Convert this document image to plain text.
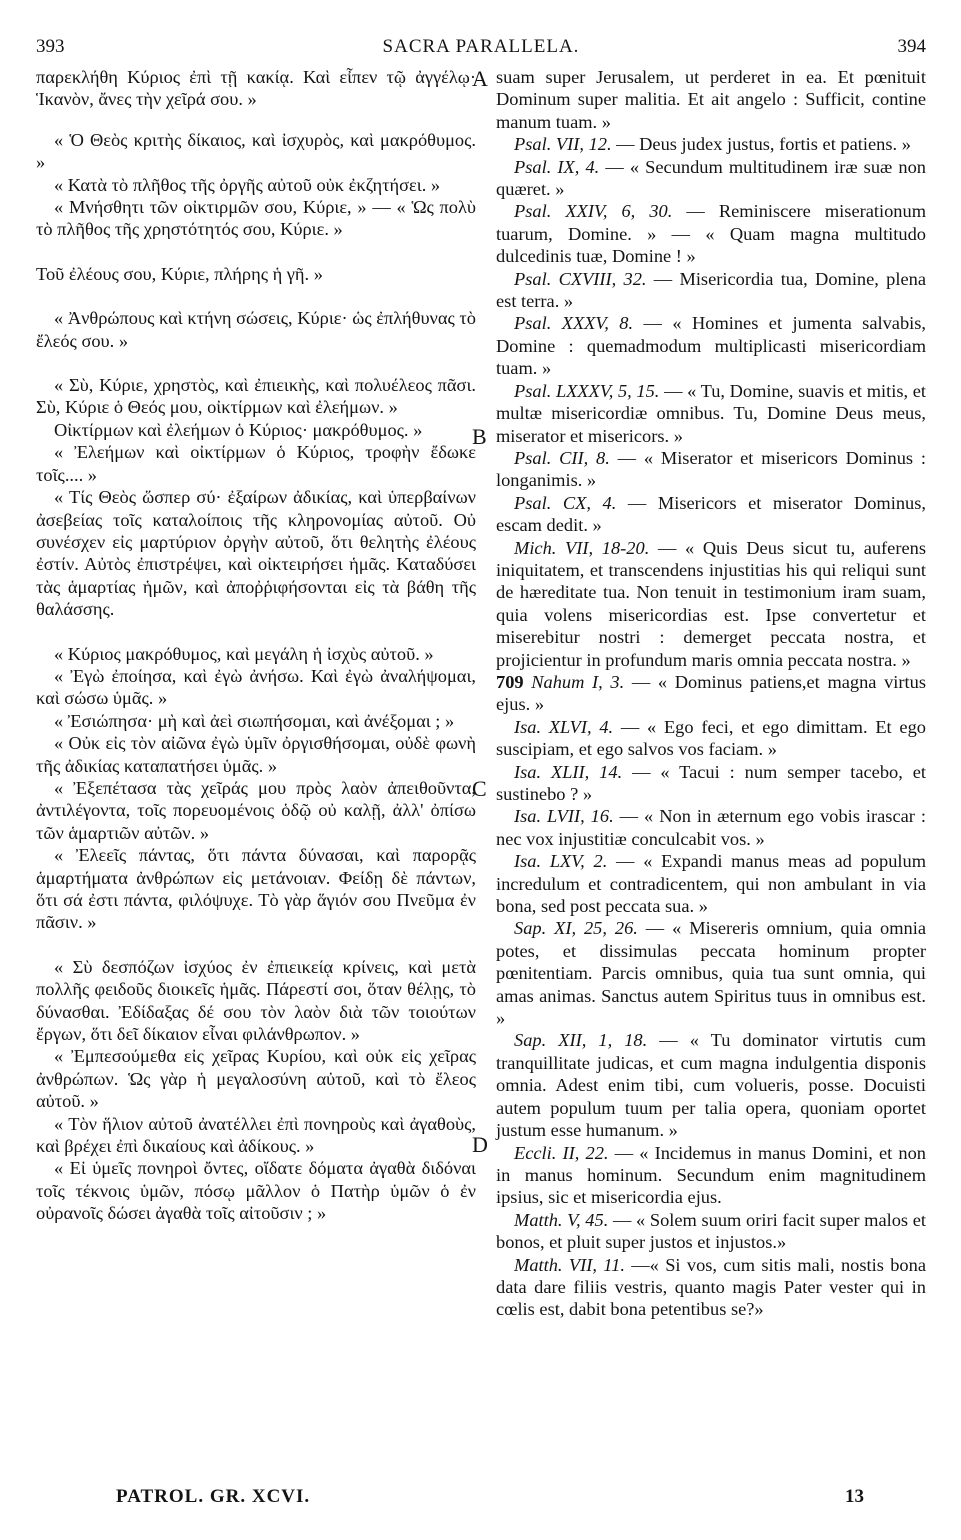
393	SACRA PARALLELA.	394

παρεκλήθη Κύριος ἐπὶ τῇ κακίᾳ. Καὶ εἶπεν τῷ ἀγγέλῳ· Ἱκανὸν, ἄνες τὴν χεῖρά σου. »

« Ὁ Θεὸς κριτὴς δίκαιος, καὶ ἰσχυρὸς, καὶ μακρόθυμος. »

« Κατὰ τὸ πλῆθος τῆς ὀργῆς αὐτοῦ οὐκ ἐκζητήσει. »

« Μνήσθητι τῶν οἰκτιρμῶν σου, Κύριε, » — « Ὡς πολὺ τὸ πλῆθος τῆς χρηστότητός σου, Κύριε. »

Τοῦ ἐλέους σου, Κύριε, πλήρης ἡ γῆ. »

« Ἀνθρώπους καὶ κτήνη σώσεις, Κύριε· ὡς ἐπλήθυνας τὸ ἔλεός σου. »

« Σὺ, Κύριε, χρηστὸς, καὶ ἐπιεικὴς, καὶ πολυέλεος πᾶσι. Σὺ, Κύριε ὁ Θεός μου, οἰκτίρμων καὶ ἐλεήμων. »

Οἰκτίρμων καὶ ἐλεήμων ὁ Κύριος· μακρόθυμος. »

« Ἐλεήμων καὶ οἰκτίρμων ὁ Κύριος, τροφὴν ἔδωκε τοῖς.... »

« Τίς Θεὸς ὥσπερ σύ· ἐξαίρων ἀδικίας, καὶ ὑπερβαίνων ἀσεβείας τοῖς καταλοίποις τῆς κληρονομίας αὐτοῦ. Οὐ συνέσχεν εἰς μαρτύριον ὀργὴν αὐτοῦ, ὅτι θελητὴς ἐλέους ἐστίν. Αὐτὸς ἐπιστρέψει, καὶ οἰκτειρήσει ἡμᾶς. Καταδύσει τὰς ἁμαρτίας ἡμῶν, καὶ ἀποῤῥιφήσονται εἰς τὰ βάθη τῆς θαλάσσης.

« Κύριος μακρόθυμος, καὶ μεγάλη ἡ ἰσχὺς αὐτοῦ. »

« Ἐγὼ ἐποίησα, καὶ ἐγὼ ἀνήσω. Καὶ ἐγὼ ἀναλήψομαι, καὶ σώσω ὑμᾶς. »

« Ἐσιώπησα· μὴ καὶ ἀεὶ σιωπήσομαι, καὶ ἀνέξομαι ; »

« Οὐκ εἰς τὸν αἰῶνα ἐγὼ ὑμῖν ὀργισθήσομαι, οὐδὲ φωνὴ τῆς ἀδικίας καταπατήσει ὑμᾶς. »

« Ἐξεπέτασα τὰς χεῖράς μου πρὸς λαὸν ἀπειθοῦντα, ἀντιλέγοντα, τοῖς πορευομένοις ὁδῷ οὐ καλῇ, ἀλλ' ὀπίσω τῶν ἁμαρτιῶν αὐτῶν. »

« Ἐλεεῖς πάντας, ὅτι πάντα δύνασαι, καὶ παρορᾷς ἁμαρτήματα ἀνθρώπων εἰς μετάνοιαν. Φείδῃ δὲ πάντων, ὅτι σά ἐστι πάντα, φιλόψυχε. Τὸ γὰρ ἅγιόν σου Πνεῦμα ἐν πᾶσιν. »

« Σὺ δεσπόζων ἰσχύος ἐν ἐπιεικείᾳ κρίνεις, καὶ μετὰ πολλῆς φειδοῦς διοικεῖς ἡμᾶς. Πάρεστί σοι, ὅταν θέλῃς, τὸ δύνασθαι. Ἐδίδαξας δέ σου τὸν λαὸν διὰ τῶν τοιούτων ἔργων, ὅτι δεῖ δίκαιον εἶναι φιλάνθρωπον. »

« Ἐμπεσούμεθα εἰς χεῖρας Κυρίου, καὶ οὐκ εἰς χεῖρας ἀνθρώπων. Ὡς γὰρ ἡ μεγαλοσύνη αὐτοῦ, καὶ τὸ ἔλεος αὐτοῦ. »

« Τὸν ἥλιον αὐτοῦ ἀνατέλλει ἐπὶ πονηροὺς καὶ ἀγαθοὺς, καὶ βρέχει ἐπὶ δικαίους καὶ ἀδίκους. »

« Εἰ ὑμεῖς πονηροὶ ὄντες, οἴδατε δόματα ἀγαθὰ διδόναι τοῖς τέκνοις ὑμῶν, πόσῳ μᾶλλον ὁ Πατὴρ ὑμῶν ὁ ἐν οὐρανοῖς δώσει ἀγαθὰ τοῖς αἰτοῦσιν ; »

A
B
C
D

suam super Jerusalem, ut perderet in ea. Et pœnituit Dominum super malitia. Et ait angelo : Sufficit, contine manum tuam. »

Psal. VII, 12. — Deus judex justus, fortis et patiens. »

Psal. IX, 4. — « Secundum multitudinem iræ suæ non quæret. »

Psal. XXIV, 6, 30. — Reminiscere miserationum tuarum, Domine. » — « Quam magna multitudo dulcedinis tuæ, Domine ! »

Psal. CXVIII, 32. — Misericordia tua, Domine, plena est terra. »

Psal. XXXV, 8. — « Homines et jumenta salvabis, Domine : quemadmodum multiplicasti misericordiam tuam. »

Psal. LXXXV, 5, 15. — « Tu, Domine, suavis et mitis, et multæ misericordiæ omnibus. Tu, Domine Deus meus, miserator et misericors. »

Psal. CII, 8. — « Miserator et misericors Dominus : longanimis. »

Psal. CX, 4. — Misericors et miserator Dominus, escam dedit. »

Mich. VII, 18-20. — « Quis Deus sicut tu, auferens iniquitatem, et transcendens injustitias his qui reliqui sunt de hæreditate tua. Non tenuit in testimonium iram suam, quia volens misericordias est. Ipse convertetur et miserebitur nostri : demerget peccata nostra, et projicientur in profundum maris omnia peccata nostra. »

709 Nahum I, 3. — « Dominus patiens,et magna virtus ejus. »

Isa. XLVI, 4. — « Ego feci, et ego dimittam. Et ego suscipiam, et ego salvos vos faciam. »

Isa. XLII, 14. — « Tacui : num semper tacebo, et sustinebo ? »

Isa. LVII, 16. — « Non in æternum ego vobis irascar : nec vox injustitiæ conculcabit vos. »

Isa. LXV, 2. — « Expandi manus meas ad populum incredulum et contradicentem, qui non ambulant in via bona, sed post peccata sua. »

Sap. XI, 25, 26. — « Misereris omnium, quia omnia potes, et dissimulas peccata hominum propter pœnitentiam. Parcis omnibus, quia tua sunt omnia, qui amas animas. Sanctus autem Spiritus tuus in omnibus est. »

Sap. XII, 1, 18. — « Tu dominator virtutis cum tranquillitate judicas, et cum magna indulgentia disponis omnia. Adest enim tibi, cum volueris, posse. Docuisti autem populum tuum per talia opera, quoniam oportet justum esse humanum. »

Eccli. II, 22. — « Incidemus in manus Domini, et non in manus hominum. Secundum enim magnitudinem ipsius, sic et misericordia ejus.

Matth. V, 45. — « Solem suum oriri facit super malos et bonos, et pluit super justos et injustos.»

Matth. VII, 11. —« Si vos, cum sitis mali, nostis bona data dare filiis vestris, quanto magis Pater vester qui in cœlis est, dabit bona petentibus se?»

PATROL. GR. XCVI.	13
